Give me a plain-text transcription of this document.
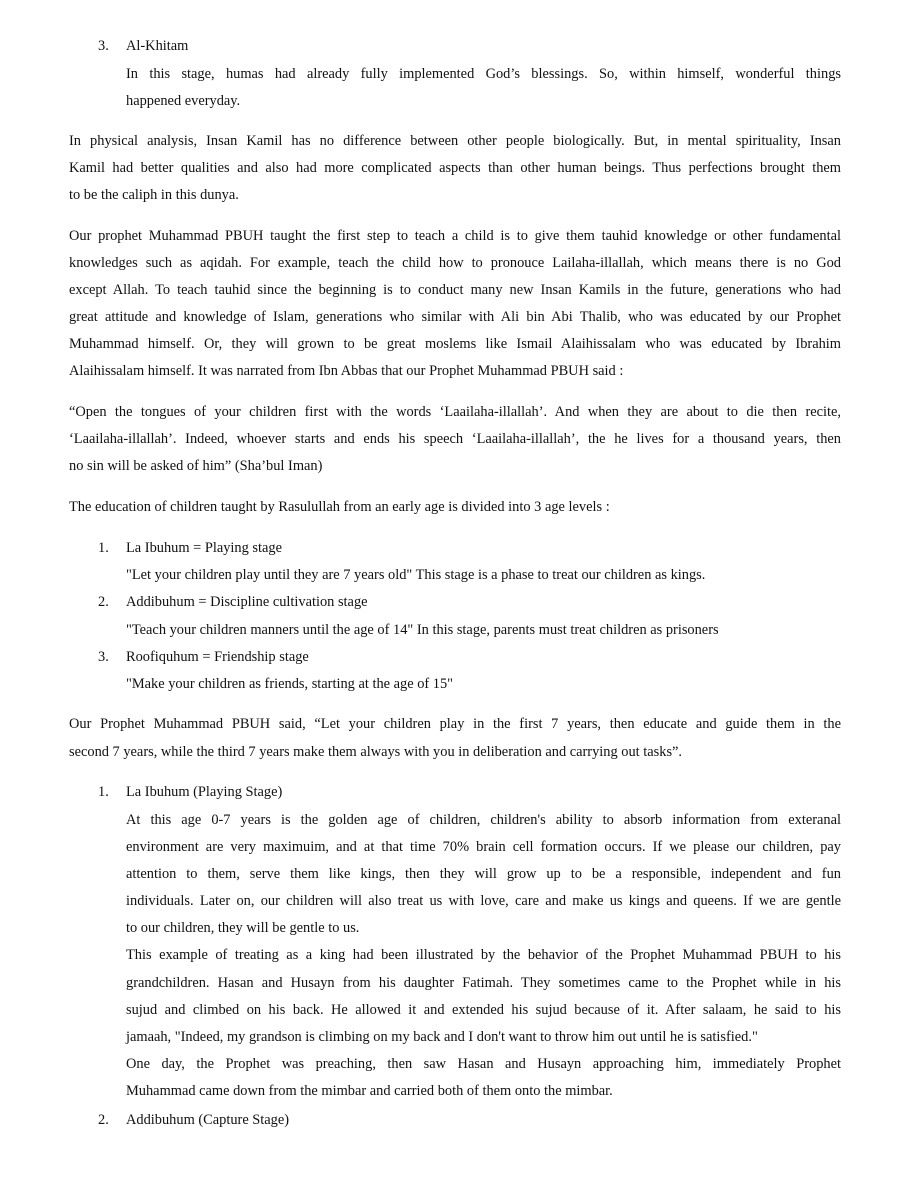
3. Al-Khitam
In this stage, humas had already fully implemented God’s blessings. So, within himself, wonderful things
happened everyday.
In physical analysis, Insan Kamil has no difference between other people biologically. But, in mental spirituality, Insan
Kamil had better qualities and also had more complicated aspects than other human beings. Thus perfections brought them
to be the caliph in this dunya.
Our prophet Muhammad PBUH taught the first step to teach a child is to give them tauhid knowledge or other fundamental
knowledges such as aqidah. For example, teach the child how to pronouce Lailaha-illallah, which means there is no God
except Allah. To teach tauhid since the beginning is to conduct many new Insan Kamils in the future, generations who had
great attitude and knowledge of Islam, generations who similar with Ali bin Abi Thalib, who was educated by our Prophet
Muhammad himself. Or, they will grown to be great moslems like Ismail Alaihissalam who was educated by Ibrahim
Alaihissalam himself. It was narrated from Ibn Abbas that our Prophet Muhammad PBUH said :
“Open the tongues of your children first with the words ‘Laailaha-illallah’. And when they are about to die then recite,
‘Laailaha-illallah’. Indeed, whoever starts and ends his speech ‘Laailaha-illallah’, the he lives for a thousand years, then
no sin will be asked of him” (Sha’bul Iman)
The education of children taught by Rasulullah from an early age is divided into 3 age levels :
1. La Ibuhum = Playing stage
"Let your children play until they are 7 years old" This stage is a phase to treat our children as kings.
2. Addibuhum = Discipline cultivation stage
"Teach your children manners until the age of 14" In this stage, parents must treat children as prisoners
3. Roofiquhum = Friendship stage
"Make your children as friends, starting at the age of 15"
Our Prophet Muhammad PBUH said, “Let your children play in the first 7 years, then educate and guide them in the
second 7 years, while the third 7 years make them always with you in deliberation and carrying out tasks”.
1. La Ibuhum (Playing Stage)
At this age 0-7 years is the golden age of children, children's ability to absorb information from exteranal
environment are very maximuim, and at that time 70% brain cell formation occurs. If we please our children, pay
attention to them, serve them like kings, then they will grow up to be a responsible, independent and fun
individuals. Later on, our children will also treat us with love, care and make us kings and queens. If we are gentle
to our children, they will be gentle to us.
This example of treating as a king had been illustrated by the behavior of the Prophet Muhammad PBUH to his
grandchildren. Hasan and Husayn from his daughter Fatimah. They sometimes came to the Prophet while in his
sujud and climbed on his back. He allowed it and extended his sujud because of it. After salaam, he said to his
jamaah, "Indeed, my grandson is climbing on my back and I don't want to throw him out until he is satisfied."
One day, the Prophet was preaching, then saw Hasan and Husayn approaching him, immediately Prophet
Muhammad came down from the mimbar and carried both of them onto the mimbar.
2. Addibuhum (Capture Stage)
